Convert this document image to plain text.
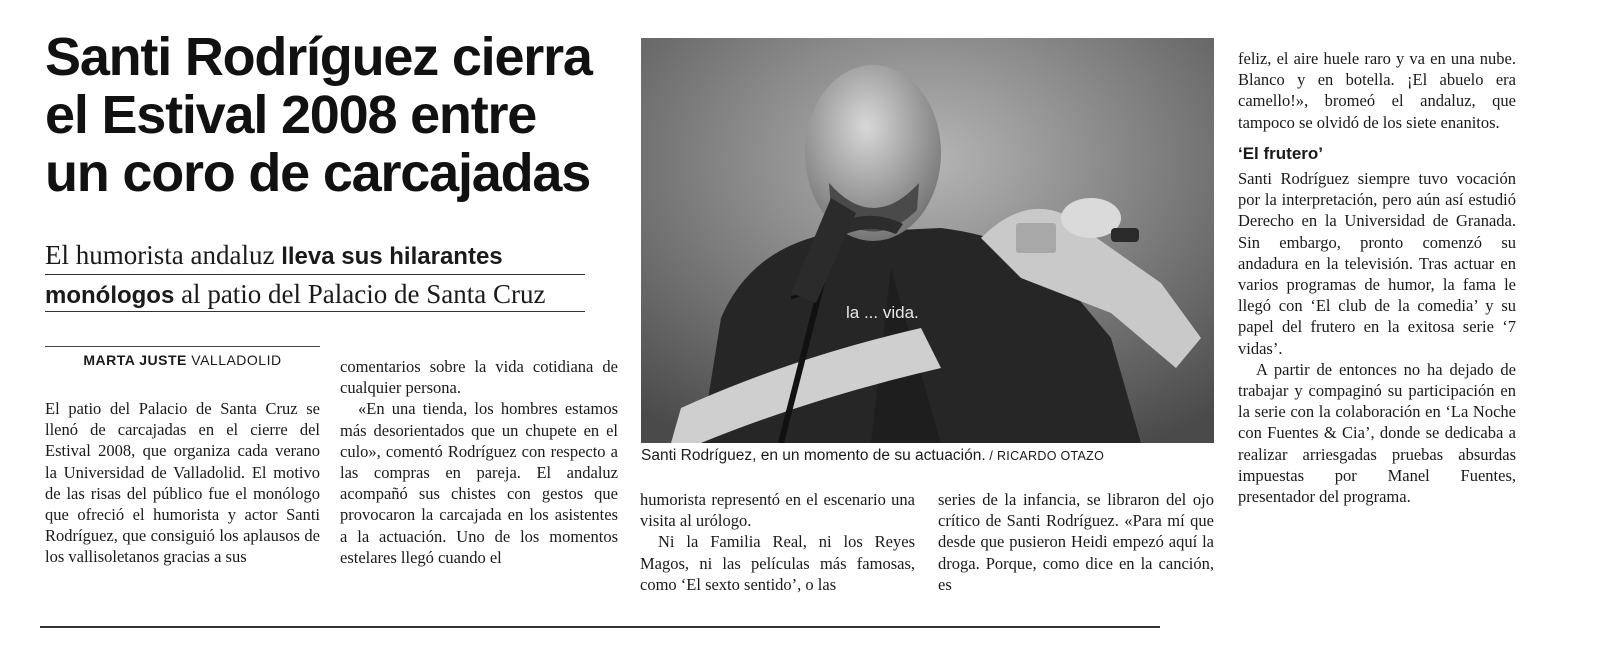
Santi Rodríguez cierra
el Estival 2008 entre
un coro de carcajadas
El humorista andaluz lleva sus hilarantes
monólogos al patio del Palacio de Santa Cruz
MARTA JUSTE VALLADOLID

El patio del Palacio de Santa Cruz se llenó de carcajadas en el cierre del Estival 2008, que organiza cada verano la Universidad de Valladolid. El motivo de las risas del público fue el monólogo que ofreció el humorista y actor Santi Rodríguez, que consiguió los aplausos de los vallisoletanos gracias a sus

comentarios sobre la vida cotidiana de cualquier persona.

«En una tienda, los hombres estamos más desorientados que un chupete en el culo», comentó Rodríguez con respecto a las compras en pareja. El andaluz acompañó sus chistes con gestos que provocaron la carcajada en los asistentes a la actuación. Uno de los momentos estelares llegó cuando el

la ... vida.
Santi Rodríguez, en un momento de su actuación. / RICARDO OTAZO

humorista representó en el escenario una visita al urólogo.

Ni la Familia Real, ni los Reyes Magos, ni las películas más famosas, como ‘El sexto sentido’, o las

series de la infancia, se libraron del ojo crítico de Santi Rodríguez. «Para mí que desde que pusieron Heidi empezó aquí la droga. Porque, como dice en la canción, es

feliz, el aire huele raro y va en una nube. Blanco y en botella. ¡El abuelo era camello!», bromeó el andaluz, que tampoco se olvidó de los siete enanitos.

‘El frutero’

Santi Rodríguez siempre tuvo vocación por la interpretación, pero aún así estudió Derecho en la Universidad de Granada. Sin embargo, pronto comenzó su andadura en la televisión. Tras actuar en varios programas de humor, la fama le llegó con ‘El club de la comedia’ y su papel del frutero en la exitosa serie ‘7 vidas’.

A partir de entonces no ha dejado de trabajar y compaginó su participación en la serie con la colaboración en ‘La Noche con Fuentes & Cia’, donde se dedicaba a realizar arriesgadas pruebas absurdas impuestas por Manel Fuentes, presentador del programa.
